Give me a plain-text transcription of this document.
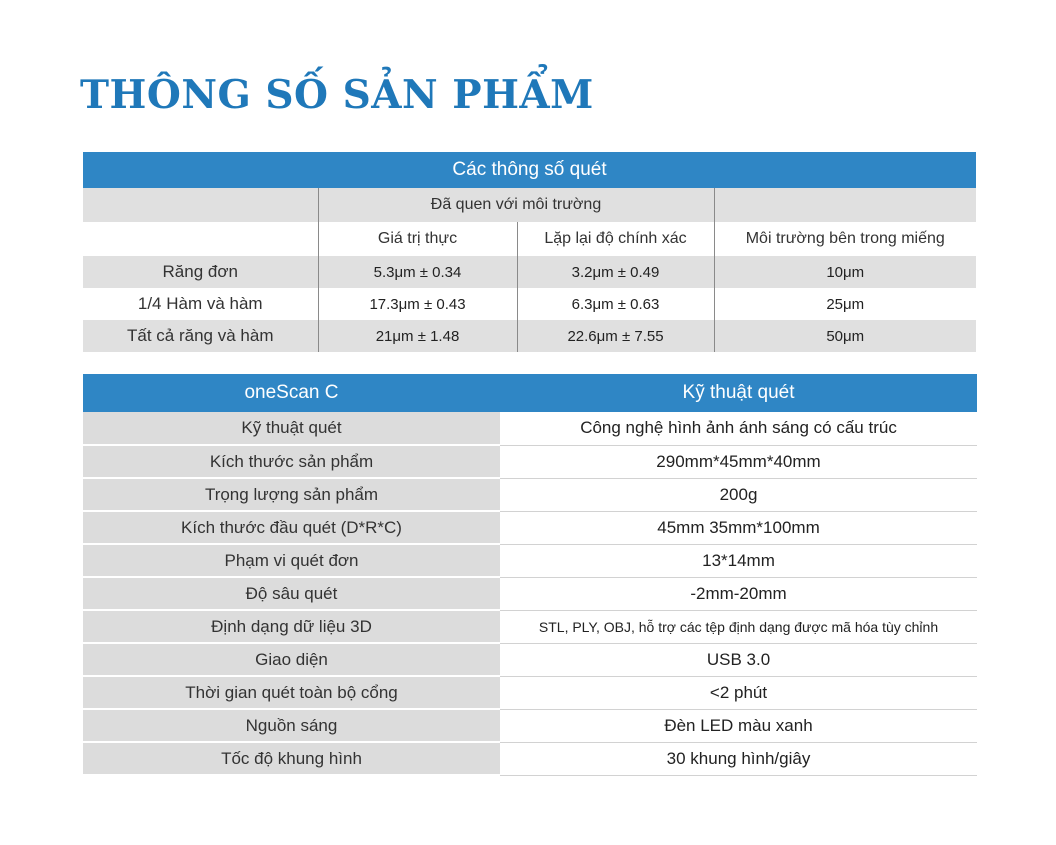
THÔNG SỐ SẢN PHẨM
Các thông số quét			
	Đã quen với môi trường		
	Giá trị thực	Lặp lại độ chính xác	Môi trường bên trong miếng
Răng đơn	5.3μm ± 0.34	3.2μm ± 0.49	10μm
1/4 Hàm và hàm	17.3μm ± 0.43	6.3μm ± 0.63	25μm
Tất cả răng và hàm	21μm ± 1.48	22.6μm ± 7.55	50μm
oneScan C	Kỹ thuật quét
Kỹ thuật quét	Công nghệ hình ảnh ánh sáng có cấu trúc
Kích thước sản phẩm	290mm*45mm*40mm
Trọng lượng sản phẩm	200g
Kích thước đầu quét (D*R*C)	45mm 35mm*100mm
Phạm vi quét đơn	13*14mm
Độ sâu quét	-2mm-20mm
Định dạng dữ liệu 3D	STL, PLY, OBJ, hỗ trợ các tệp định dạng được mã hóa tùy chỉnh
Giao diện	USB 3.0
Thời gian quét toàn bộ cổng	<2 phút
Nguồn sáng	Đèn LED màu xanh
Tốc độ khung hình	30 khung hình/giây
